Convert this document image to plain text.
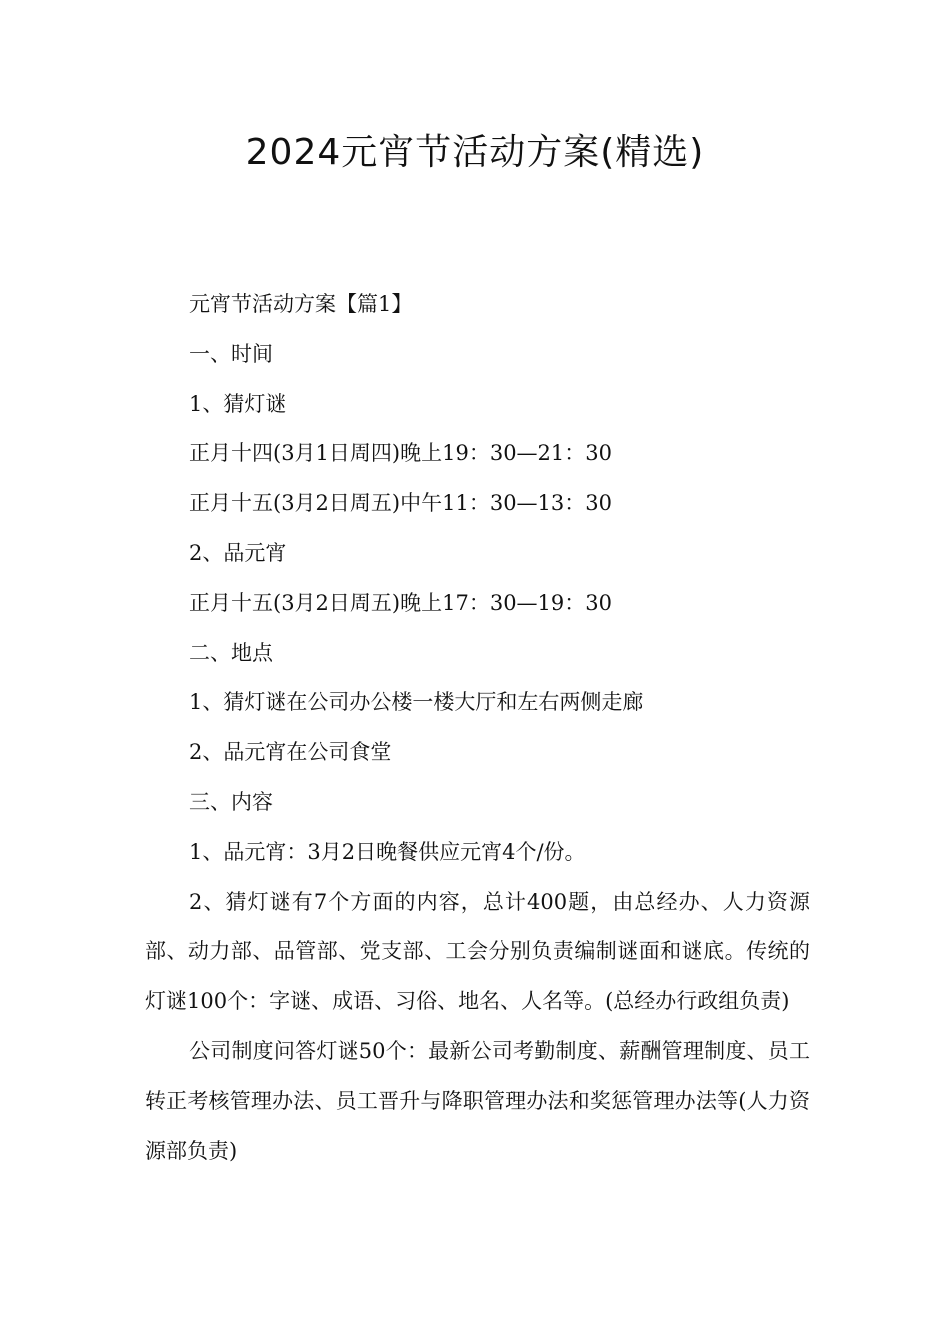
2024元宵节活动方案(精选)

元宵节活动方案【篇1】

一、时间

1、猜灯谜

正月十四(3月1日周四)晚上19：30—21：30

正月十五(3月2日周五)中午11：30—13：30

2、品元宵

正月十五(3月2日周五)晚上17：30—19：30

二、地点

1、猜灯谜在公司办公楼一楼大厅和左右两侧走廊

2、品元宵在公司食堂

三、内容

1、品元宵：3月2日晚餐供应元宵4个/份。

2、猜灯谜有7个方面的内容，总计400题，由总经办、人力资源部、动力部、品管部、党支部、工会分别负责编制谜面和谜底。传统的灯谜100个：字谜、成语、习俗、地名、人名等。(总经办行政组负责)

公司制度问答灯谜50个：最新公司考勤制度、薪酬管理制度、员工转正考核管理办法、员工晋升与降职管理办法和奖惩管理办法等(人力资源部负责)
